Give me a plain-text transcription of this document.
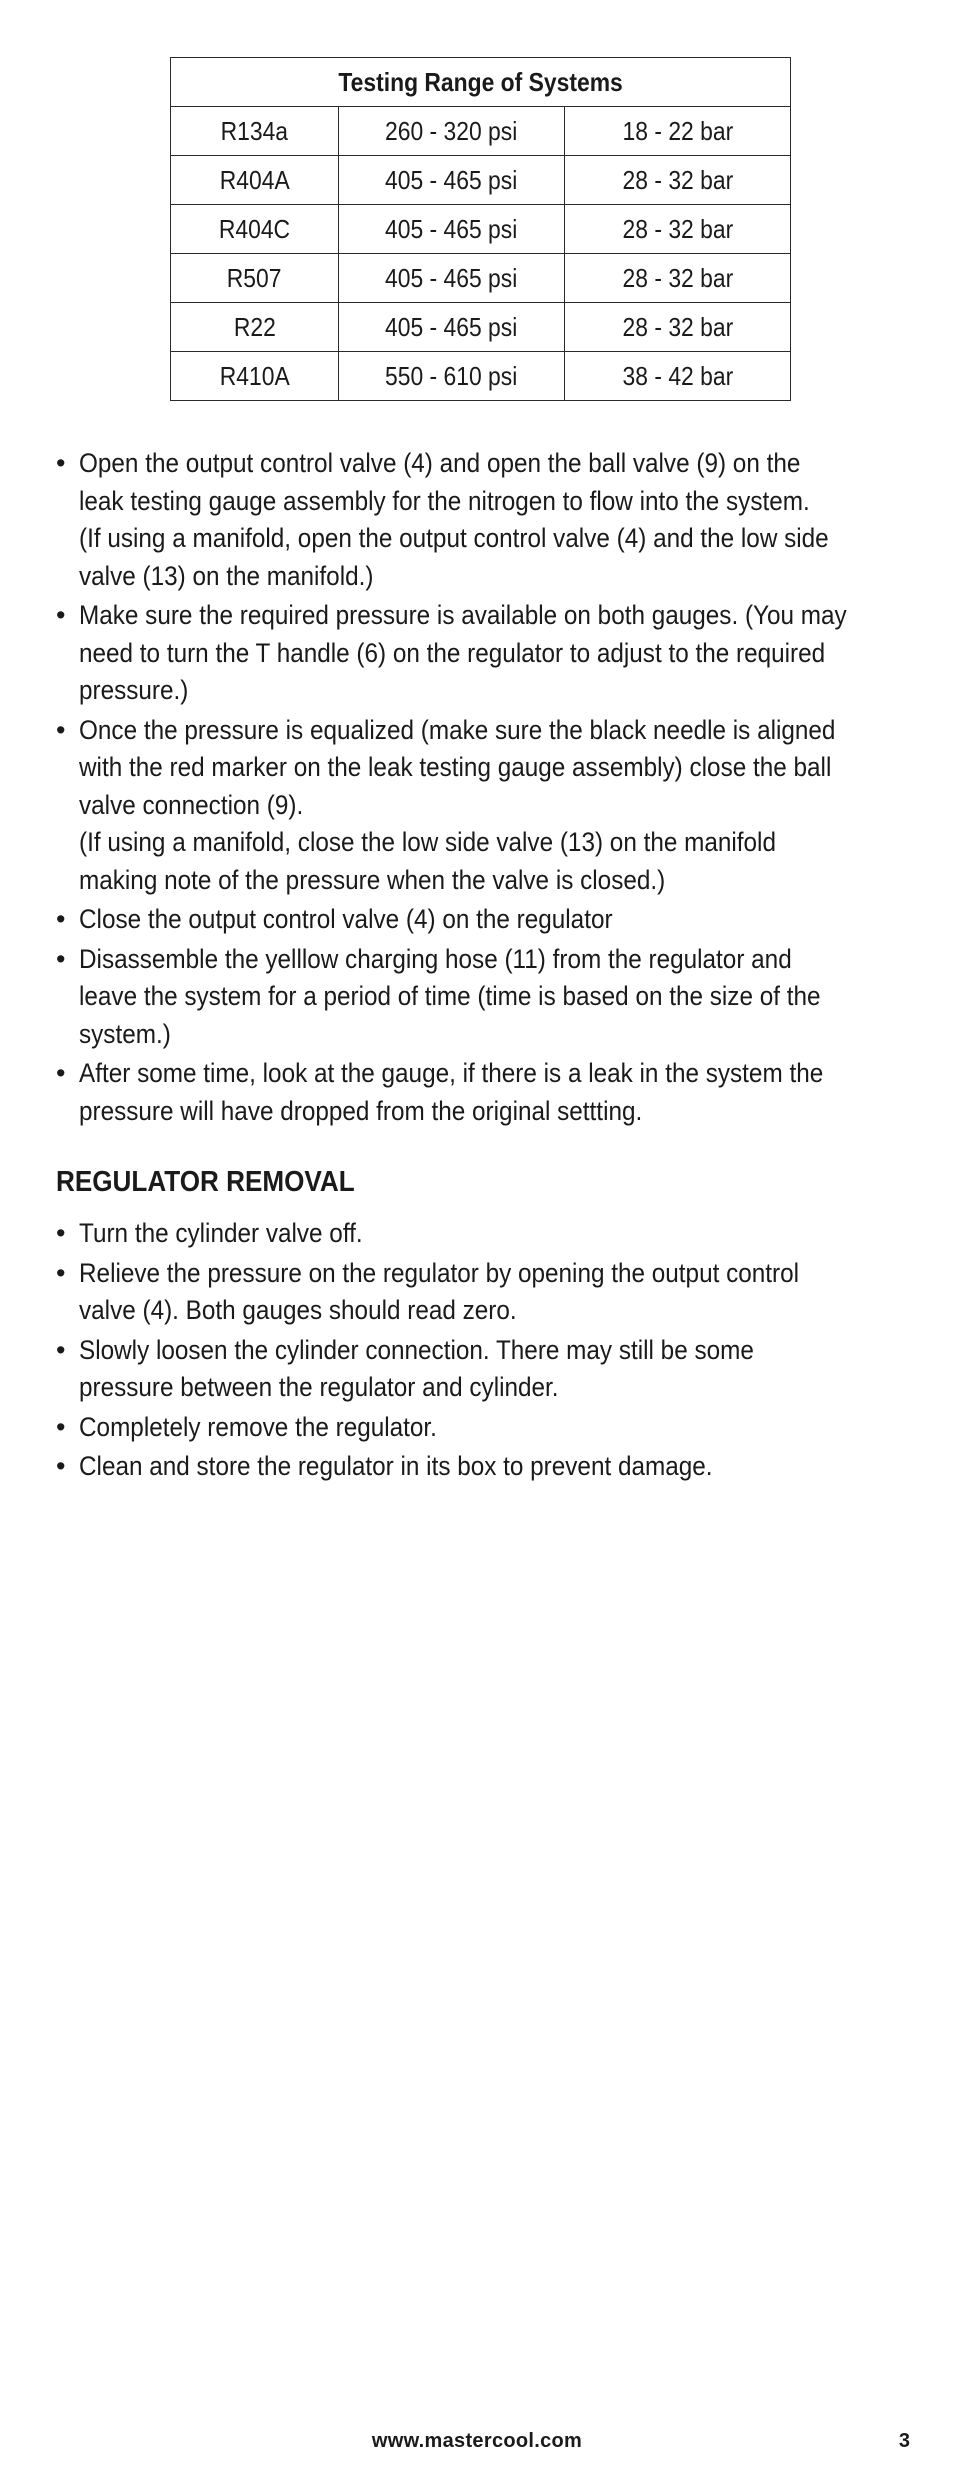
Testing Range of Systems		
R134a	260 - 320 psi	18 - 22 bar
R404A	405 - 465 psi	28 - 32 bar
R404C	405 - 465 psi	28 - 32 bar
R507	405 - 465 psi	28 - 32 bar
R22	405 - 465 psi	28 - 32 bar
R410A	550 - 610 psi	38 - 42 bar
• Open the output control valve (4) and open the ball valve (9) on the
leak testing gauge assembly for the nitrogen to flow into the system.
(If using a manifold, open the output control valve (4) and the low side
valve (13) on the manifold.)
• Make sure the required pressure is available on both gauges. (You may
need to turn the T handle (6) on the regulator to adjust to the required
pressure.)
• Once the pressure is equalized (make sure the black needle is aligned
with the red marker on the leak testing gauge assembly) close the ball
valve connection (9).
(If using a manifold, close the low side valve (13) on the manifold
making note of the pressure when the valve is closed.)
• Close the output control valve (4) on the regulator
• Disassemble the yelllow charging hose (11) from the regulator and
leave the system for a period of time (time is based on the size of the
system.)
• After some time, look at the gauge, if there is a leak in the system the
pressure will have dropped from the original settting.
REGULATOR REMOVAL
• Turn the cylinder valve off.
• Relieve the pressure on the regulator by opening the output control
valve (4). Both gauges should read zero.
• Slowly loosen the cylinder connection. There may still be some
pressure between the regulator and cylinder.
• Completely remove the regulator.
• Clean and store the regulator in its box to prevent damage.
www.mastercool.com	3
